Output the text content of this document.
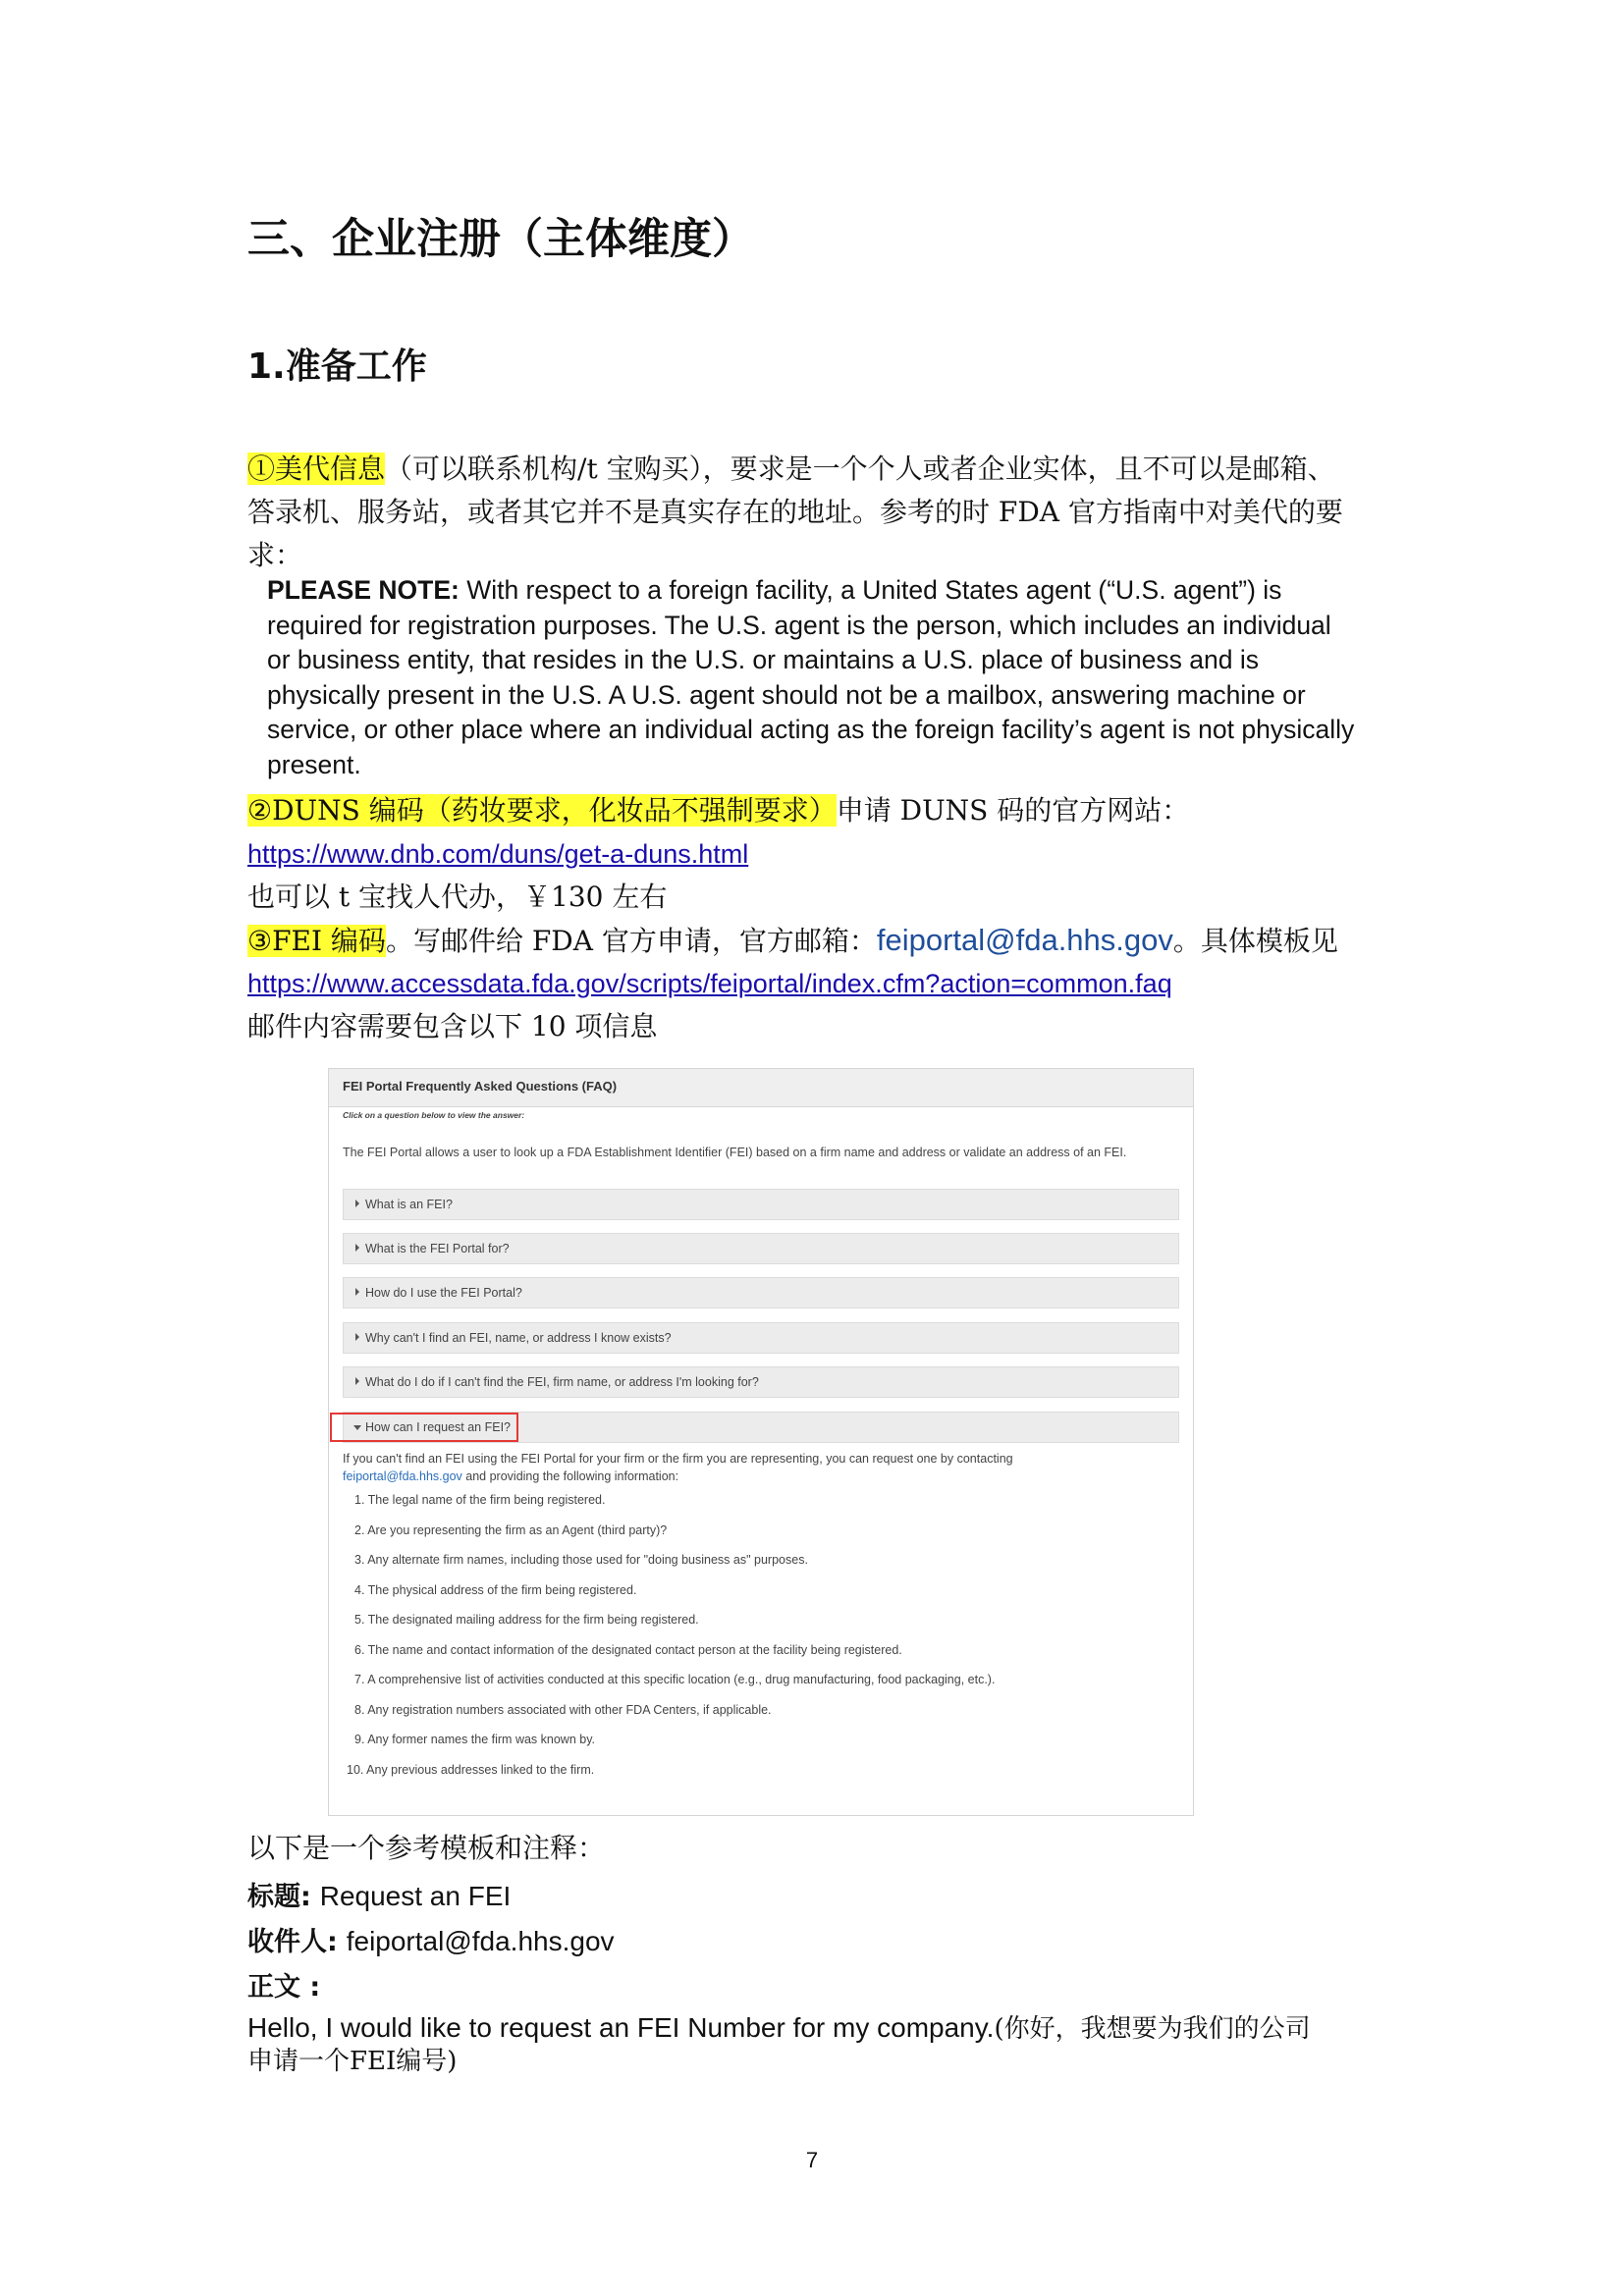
三、企业注册（主体维度）
1.准备工作
①美代信息（可以联系机构/t 宝购买），要求是一个个人或者企业实体，且不可以是邮箱、
答录机、服务站，或者其它并不是真实存在的地址。参考的时 FDA 官方指南中对美代的要
求：
PLEASE NOTE: With respect to a foreign facility, a United States agent (“U.S. agent”) is
required for registration purposes. The U.S. agent is the person, which includes an individual
or business entity, that resides in the U.S. or maintains a U.S. place of business and is
physically present in the U.S. A U.S. agent should not be a mailbox, answering machine or
service, or other place where an individual acting as the foreign facility’s agent is not physically
present.
②DUNS 编码（药妆要求，化妆品不强制要求）申请 DUNS 码的官方网站：
https://www.dnb.com/duns/get-a-duns.html
也可以 t 宝找人代办，￥130 左右
③FEI 编码。写邮件给 FDA 官方申请，官方邮箱：feiportal@fda.hhs.gov。具体模板见
https://www.accessdata.fda.gov/scripts/feiportal/index.cfm?action=common.faq
邮件内容需要包含以下 10 项信息
FEI Portal Frequently Asked Questions (FAQ)
Click on a question below to view the answer:
The FEI Portal allows a user to look up a FDA Establishment Identifier (FEI) based on a firm name and address or validate an address of an FEI.
What is an FEI?
What is the FEI Portal for?
How do I use the FEI Portal?
Why can't I find an FEI, name, or address I know exists?
What do I do if I can't find the FEI, firm name, or address I'm looking for?
How can I request an FEI?
If you can't find an FEI using the FEI Portal for your firm or the firm you are representing, you can request one by contacting
feiportal@fda.hhs.gov and providing the following information:
1. The legal name of the firm being registered.
2. Are you representing the firm as an Agent (third party)?
3. Any alternate firm names, including those used for "doing business as" purposes.
4. The physical address of the firm being registered.
5. The designated mailing address for the firm being registered.
6. The name and contact information of the designated contact person at the facility being registered.
7. A comprehensive list of activities conducted at this specific location (e.g., drug manufacturing, food packaging, etc.).
8. Any registration numbers associated with other FDA Centers, if applicable.
9. Any former names the firm was known by.
10. Any previous addresses linked to the firm.
以下是一个参考模板和注释：
标题: Request an FEI
收件人: feiportal@fda.hhs.gov
正文 :
Hello, I would like to request an FEI Number for my company.(你好，我想要为我们的公司
申请一个FEI编号)
7
